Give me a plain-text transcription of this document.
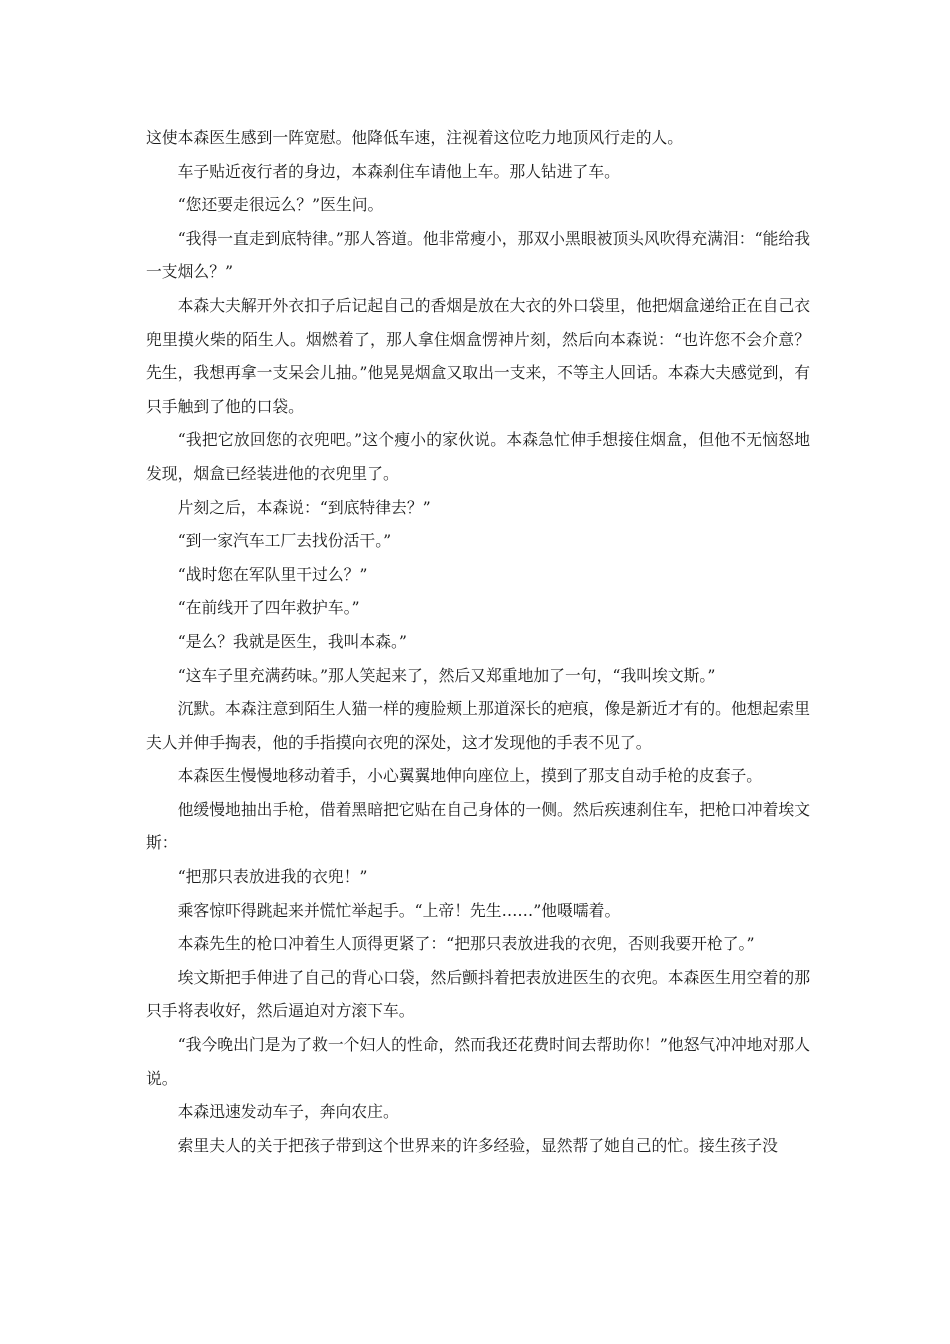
这使本森医生感到一阵宽慰。他降低车速，注视着这位吃力地顶风行走的人。

车子贴近夜行者的身边，本森刹住车请他上车。那人钻进了车。

“您还要走很远么？”医生问。

“我得一直走到底特律。”那人答道。他非常瘦小，那双小黑眼被顶头风吹得充满泪：“能给我一支烟么？”

本森大夫解开外衣扣子后记起自己的香烟是放在大衣的外口袋里，他把烟盒递给正在自己衣兜里摸火柴的陌生人。烟燃着了，那人拿住烟盒愣神片刻，然后向本森说：“也许您不会介意？先生，我想再拿一支呆会儿抽。”他晃晃烟盒又取出一支来，不等主人回话。本森大夫感觉到，有只手触到了他的口袋。

“我把它放回您的衣兜吧。”这个瘦小的家伙说。本森急忙伸手想接住烟盒，但他不无恼怒地发现，烟盒已经装进他的衣兜里了。

片刻之后，本森说：“到底特律去？”

“到一家汽车工厂去找份活干。”

“战时您在军队里干过么？”

“在前线开了四年救护车。”

“是么？我就是医生，我叫本森。”

“这车子里充满药味。”那人笑起来了，然后又郑重地加了一句，“我叫埃文斯。”

沉默。本森注意到陌生人猫一样的瘦脸颊上那道深长的疤痕，像是新近才有的。他想起索里夫人并伸手掏表，他的手指摸向衣兜的深处，这才发现他的手表不见了。

本森医生慢慢地移动着手，小心翼翼地伸向座位上，摸到了那支自动手枪的皮套子。

他缓慢地抽出手枪，借着黑暗把它贴在自己身体的一侧。然后疾速刹住车，把枪口冲着埃文斯：

“把那只表放进我的衣兜！”

乘客惊吓得跳起来并慌忙举起手。“上帝！先生……”他嗫嚅着。

本森先生的枪口冲着生人顶得更紧了：“把那只表放进我的衣兜，否则我要开枪了。”

埃文斯把手伸进了自己的背心口袋，然后颤抖着把表放进医生的衣兜。本森医生用空着的那只手将表收好，然后逼迫对方滚下车。

“我今晚出门是为了救一个妇人的性命，然而我还花费时间去帮助你！”他怒气冲冲地对那人说。

本森迅速发动车子，奔向农庄。

索里夫人的关于把孩子带到这个世界来的许多经验，显然帮了她自己的忙。接生孩子没
